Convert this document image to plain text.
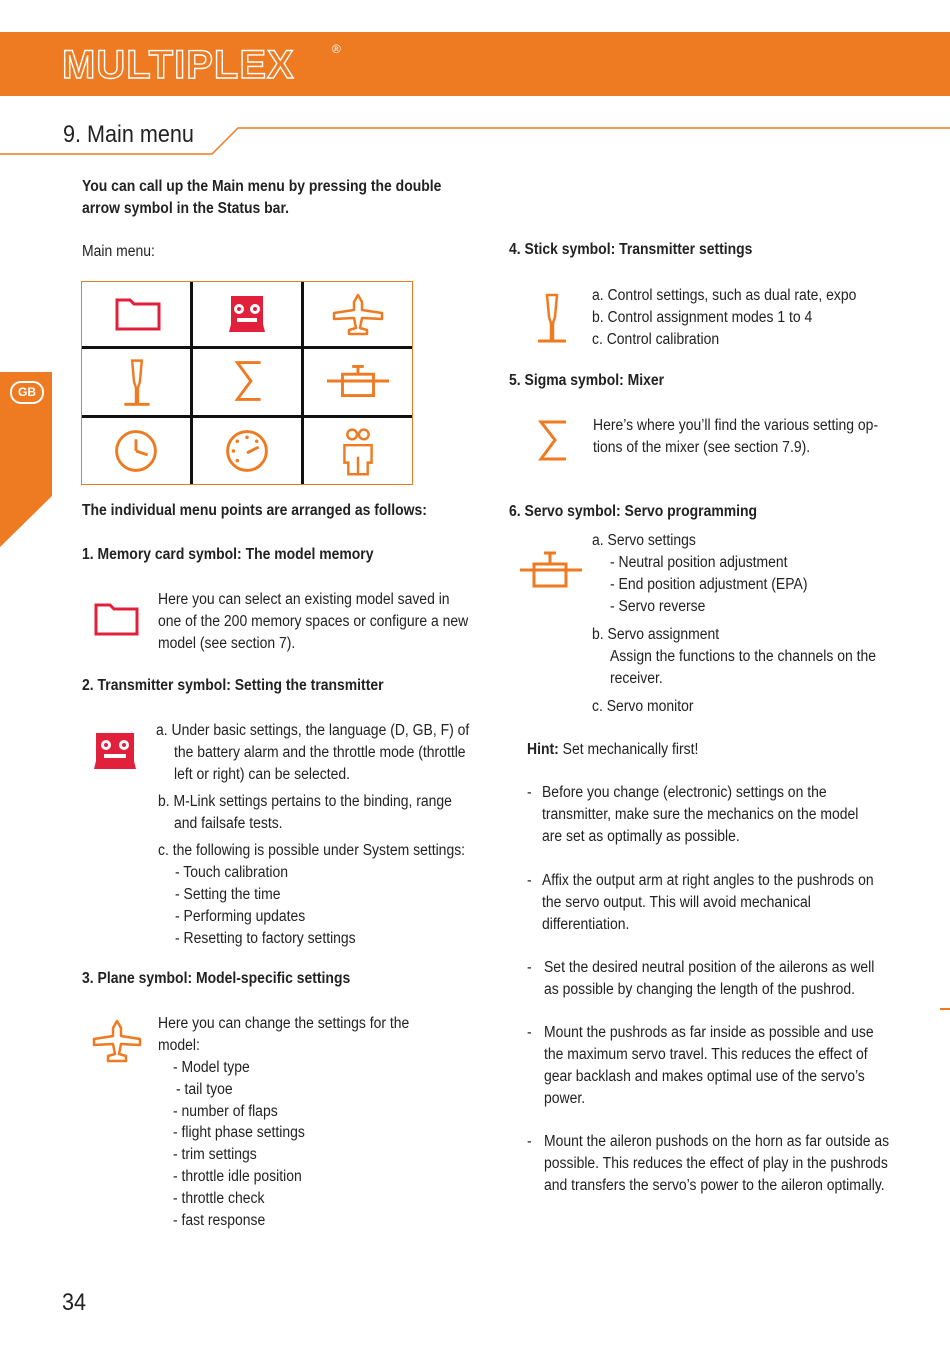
MULTIPLEX	®
9. Main menu
GB
You can call up the Main menu by pressing the double
arrow symbol in the Status bar.
Main menu:
The individual menu points are arranged as follows:
1. Memory card symbol: The model memory
Here you can select an existing model saved in
one of the 200 memory spaces or configure a new
model (see section 7).
2. Transmitter symbol: Setting the transmitter
a. Under basic settings, the language (D, GB, F) of
the battery alarm and the throttle mode (throttle
left or right) can be selected.
b. M-Link settings pertains to the binding, range
and failsafe tests.
c. the following is possible under System settings:
- Touch calibration
- Setting the time
- Performing updates
- Resetting to factory settings
3. Plane symbol: Model-specific settings
Here you can change the settings for the
model:
- Model type
- tail tyoe
- number of flaps
- flight phase settings
- trim settings
- throttle idle position
- throttle check
- fast response
4. Stick symbol: Transmitter settings
a. Control settings, such as dual rate, expo
b. Control assignment modes 1 to 4
c. Control calibration
5. Sigma symbol: Mixer
Here’s where you’ll find the various setting op-
tions of the mixer (see section 7.9).
6. Servo symbol: Servo programming
a. Servo settings
- Neutral position adjustment
- End position adjustment (EPA)
- Servo reverse
b. Servo assignment
Assign the functions to the channels on the
receiver.
c. Servo monitor
Hint: Set mechanically first!
- Before you change (electronic) settings on the
transmitter, make sure the mechanics on the model
are set as optimally as possible.
- Affix the output arm at right angles to the pushrods on
the servo output. This will avoid mechanical
differentiation.
- Set the desired neutral position of the ailerons as well
as possible by changing the length of the pushrod.
- Mount the pushrods as far inside as possible and use
the maximum servo travel. This reduces the effect of
gear backlash and makes optimal use of the servo’s
power.
- Mount the aileron pushods on the horn as far outside as
possible. This reduces the effect of play in the pushrods
and transfers the servo’s power to the aileron optimally.
34
